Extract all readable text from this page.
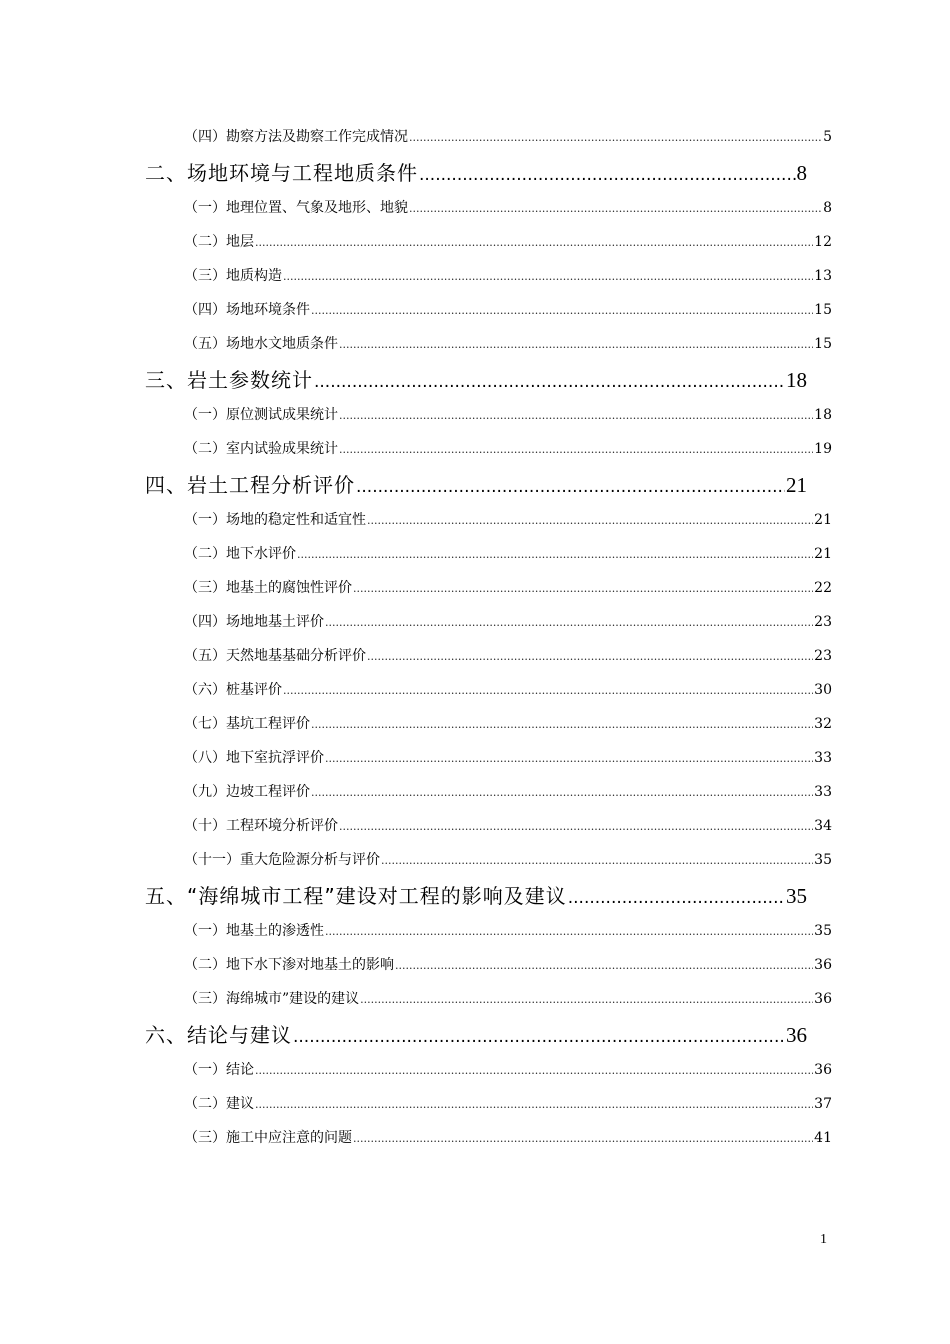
（四）勘察方法及勘察工作完成情况 .....	5
二、场地环境与工程地质条件 .....	8
（一）地理位置、气象及地形、地貌 .....	8
（二）地层 .....	12
（三）地质构造 .....	13
（四）场地环境条件 .....	15
（五）场地水文地质条件 .....	15
三、岩土参数统计 .....	18
（一）原位测试成果统计 .....	18
（二）室内试验成果统计 .....	19
四、岩土工程分析评价 .....	21
（一）场地的稳定性和适宜性 .....	21
（二）地下水评价 .....	21
（三）地基土的腐蚀性评价 .....	22
（四）场地地基土评价 .....	23
（五）天然地基基础分析评价 .....	23
（六）桩基评价 .....	30
（七）基坑工程评价 .....	32
（八）地下室抗浮评价 .....	33
（九）边坡工程评价 .....	33
（十）工程环境分析评价 .....	34
（十一）重大危险源分析与评价 .....	35
五、“海绵城市工程”建设对工程的影响及建议 .....	35
（一）地基土的渗透性 .....	35
（二）地下水下渗对地基土的影响 .....	36
（三）海绵城市”建设的建议 .....	36
六、结论与建议 .....	36
（一）结论 .....	36
（二）建议 .....	37
（三）施工中应注意的问题 .....	41
1
